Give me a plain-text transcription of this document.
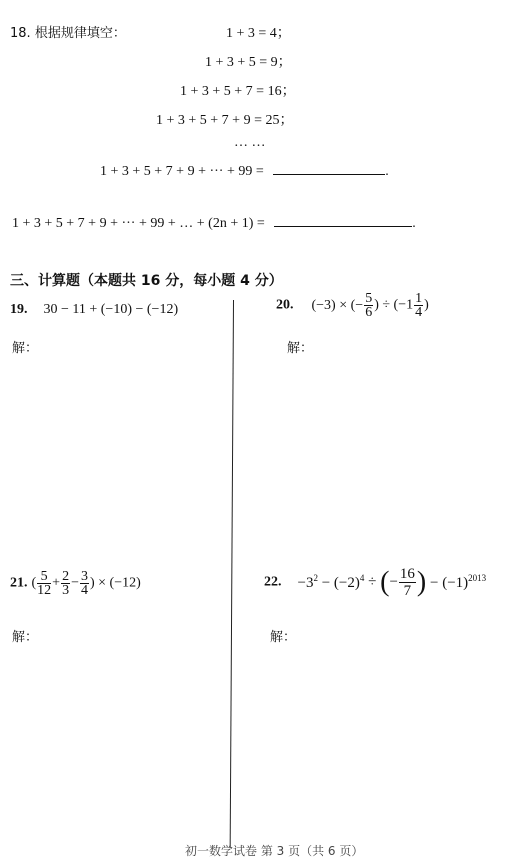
18. 根据规律填空：	1 + 3 = 4；
1 + 3 + 5 = 9；
1 + 3 + 5 + 7 = 16；
1 + 3 + 5 + 7 + 9 = 25；
… …
1 + 3 + 5 + 7 + 9 + ··· + 99 =	.
1 + 3 + 5 + 7 + 9 + ··· + 99 + … + (2n + 1) =	.
三、计算题（本题共 16 分，每小题 4 分）
19. 30 − 11 + (−10) − (−12)
解：
20. (−3) × (− $\frac{5}{6}$ ) ÷ ($-1 \frac{1}{4}$ )
解：
21. ( $\frac{5}{12} + \frac{2}{3} - \frac{3}{4}$ ) × (−12)
解：
22. $-3^2 - (-2)^4$ ÷ (− $\frac{16}{7}$ ) − $(-1)^{2013}$
解：
初一数学试卷 第 3 页（共 6 页）
